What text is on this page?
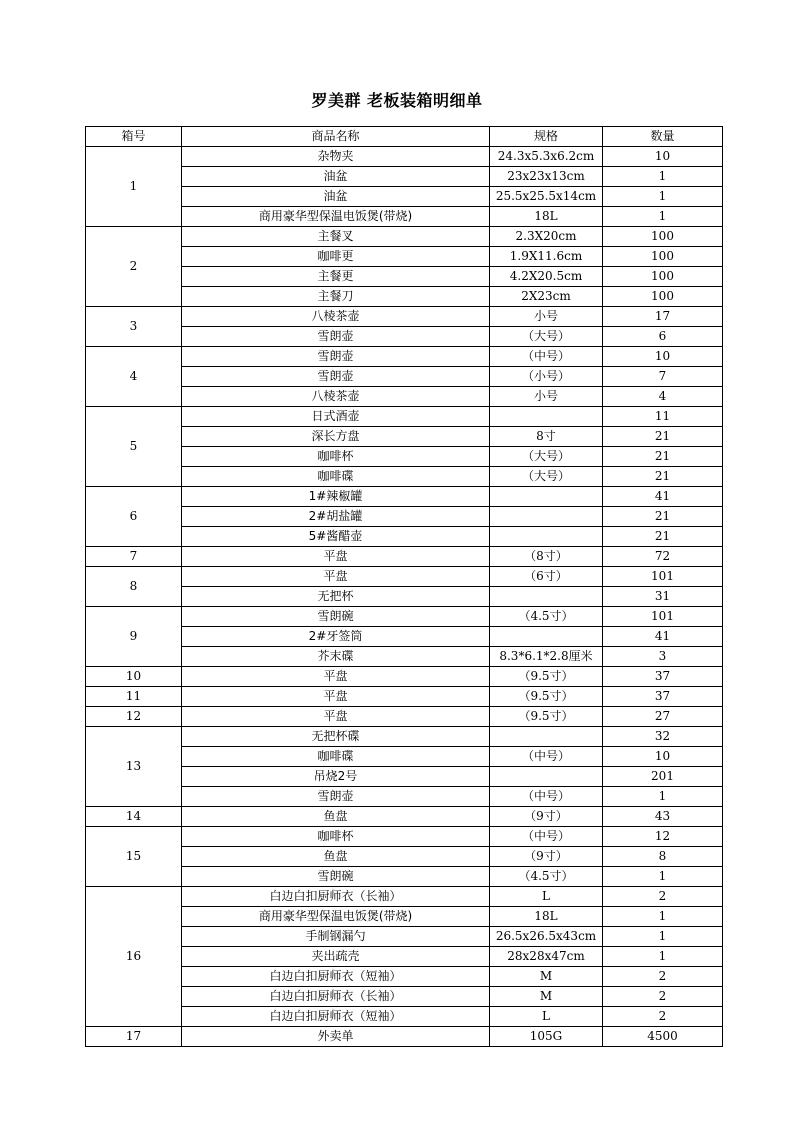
罗美群 老板装箱明细单
箱号	商品名称	规格	数量
1	杂物夹	24.3x5.3x6.2cm	10
	油盆	23x23x13cm	1
	油盆	25.5x25.5x14cm	1
	商用豪华型保温电饭煲(带烧)	18L	1
2	主餐叉	2.3X20cm	100
	咖啡更	1.9X11.6cm	100
	主餐更	4.2X20.5cm	100
	主餐刀	2X23cm	100
3	八棱茶壶	小号	17
	雪朗壶	（大号）	6
4	雪朗壶	（中号）	10
	雪朗壶	（小号）	7
	八棱茶壶	小号	4
5	日式酒壶		11
	深长方盘	8寸	21
	咖啡杯	（大号）	21
	咖啡碟	（大号）	21
6	1#辣椒罐		41
	2#胡盐罐		21
	5#酱醋壶		21
7	平盘	（8寸）	72
8	平盘	（6寸）	101
	无把杯		31
9	雪朗碗	（4.5寸）	101
	2#牙签筒		41
	芥末碟	8.3*6.1*2.8厘米	3
10	平盘	（9.5寸）	37
11	平盘	（9.5寸）	37
12	平盘	（9.5寸）	27
13	无把杯碟		32
	咖啡碟	（中号）	10
	吊烧2号		201
	雪朗壶	（中号）	1
14	鱼盘	（9寸）	43
15	咖啡杯	（中号）	12
	鱼盘	（9寸）	8
	雪朗碗	（4.5寸）	1
16	白边白扣厨师衣（长袖）	L	2
	商用豪华型保温电饭煲(带烧)	18L	1
	手制钢漏勺	26.5x26.5x43cm	1
	夹出疏壳	28x28x47cm	1
	白边白扣厨师衣（短袖）	M	2
	白边白扣厨师衣（长袖）	M	2
	白边白扣厨师衣（短袖）	L	2
17	外卖单	105G	4500
